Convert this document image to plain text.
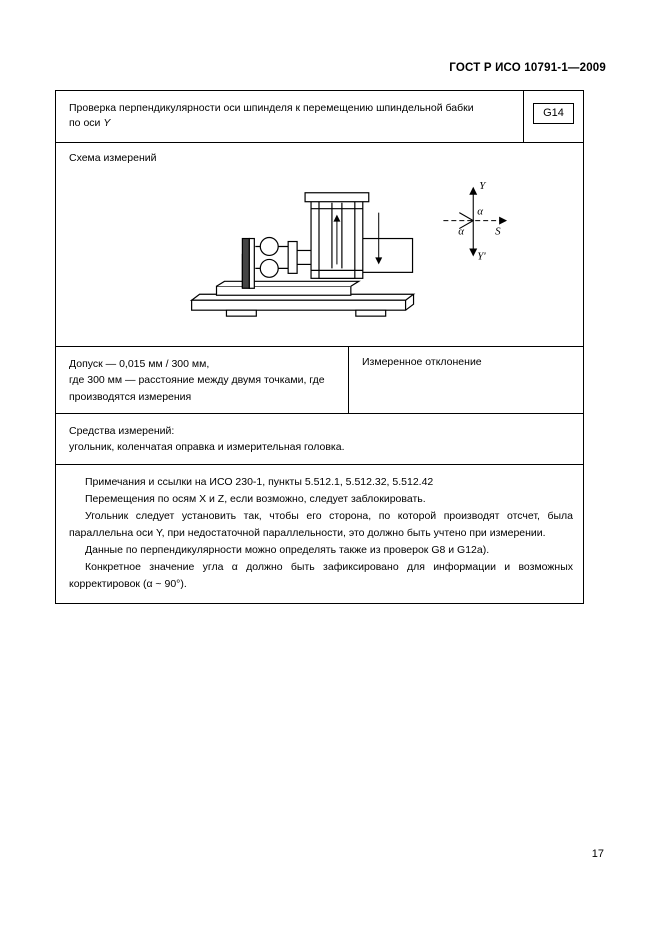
ГОСТ Р ИСО 10791-1—2009
Проверка перпендикулярности оси шпинделя к перемещению шпиндельной бабки
по оси Y
G14
Схема измерений
Y
α
α	S
Y'
Допуск — 0,015 мм / 300 мм,
где 300 мм — расстояние между двумя точками, где
производятся измерения
Измеренное отклонение
Средства измерений:
угольник, коленчатая оправка и измерительная головка.

Примечания и ссылки на ИСО 230-1, пункты 5.512.1, 5.512.32, 5.512.42

Перемещения по осям X и Z, если возможно, следует заблокировать.

Угольник следует установить так, чтобы его сторона, по которой производят отсчет, была параллельна оси Y, при недостаточной параллельности, это должно быть учтено при измерении.

Данные по перпендикулярности можно определять также из проверок G8 и G12a).

Конкретное значение угла α должно быть зафиксировано для информации и возможных корректировок (α ~ 90°).

17
